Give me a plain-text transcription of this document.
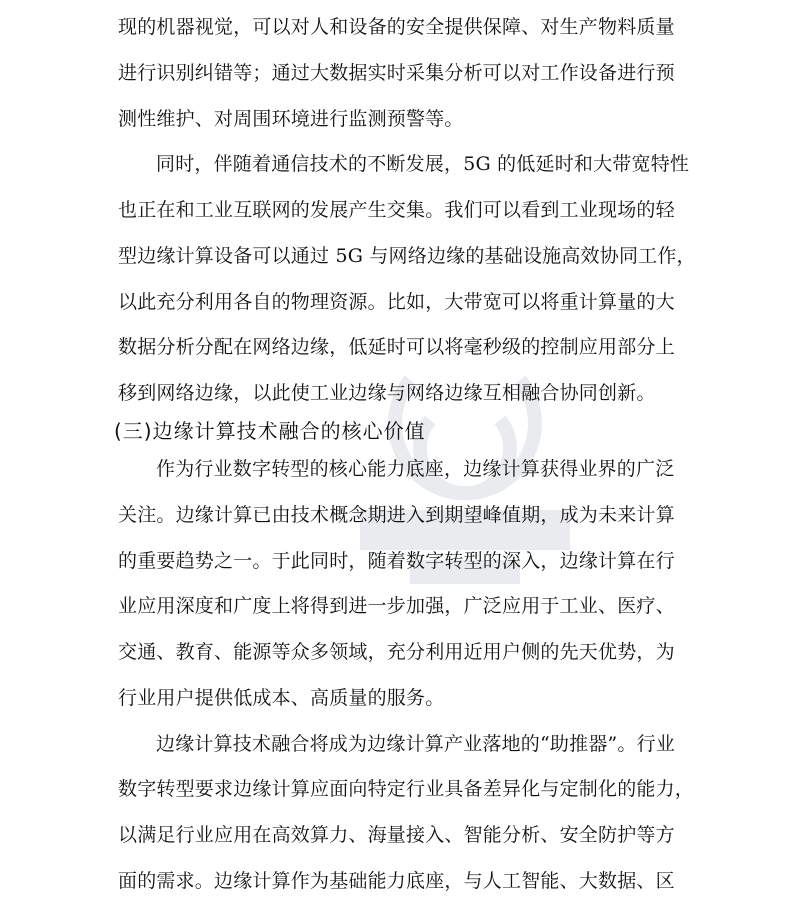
现的机器视觉，可以对人和设备的安全提供保障、对生产物料质量
进行识别纠错等；通过大数据实时采集分析可以对工作设备进行预
测性维护、对周围环境进行监测预警等。
同时，伴随着通信技术的不断发展，5G 的低延时和大带宽特性
也正在和工业互联网的发展产生交集。我们可以看到工业现场的轻
型边缘计算设备可以通过 5G 与网络边缘的基础设施高效协同工作，
以此充分利用各自的物理资源。比如，大带宽可以将重计算量的大
数据分析分配在网络边缘，低延时可以将毫秒级的控制应用部分上
移到网络边缘，以此使工业边缘与网络边缘互相融合协同创新。
(三)边缘计算技术融合的核心价值
作为行业数字转型的核心能力底座，边缘计算获得业界的广泛
关注。边缘计算已由技术概念期进入到期望峰值期，成为未来计算
的重要趋势之一。于此同时，随着数字转型的深入，边缘计算在行
业应用深度和广度上将得到进一步加强，广泛应用于工业、医疗、
交通、教育、能源等众多领域，充分利用近用户侧的先天优势，为
行业用户提供低成本、高质量的服务。
边缘计算技术融合将成为边缘计算产业落地的“助推器”。行业
数字转型要求边缘计算应面向特定行业具备差异化与定制化的能力，
以满足行业应用在高效算力、海量接入、智能分析、安全防护等方
面的需求。边缘计算作为基础能力底座，与人工智能、大数据、区
